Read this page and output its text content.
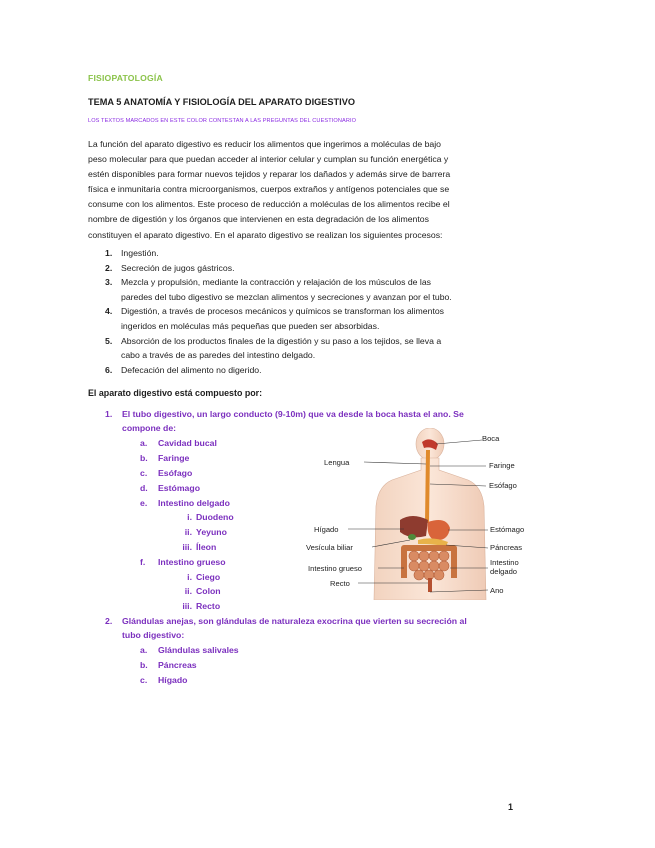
FISIOPATOLOGÍA
TEMA 5 ANATOMÍA Y FISIOLOGÍA DEL APARATO DIGESTIVO
LOS TEXTOS MARCADOS EN ESTE COLOR CONTESTAN A LAS PREGUNTAS DEL CUESTIONARIO
La función del aparato digestivo es reducir los alimentos que ingerimos a moléculas de bajo
peso molecular para que puedan acceder al interior celular y cumplan su función energética y
estén disponibles para formar nuevos tejidos y reparar los dañados y además sirve de barrera
física e inmunitaria contra microorganismos, cuerpos extraños y antígenos potenciales que se
consume con los alimentos. Este proceso de reducción a moléculas de los alimentos recibe el
nombre de digestión y los órganos que intervienen en esta degradación de los alimentos
constituyen el aparato digestivo. En el aparato digestivo se realizan los siguientes procesos:
1.	Ingestión.
2.	Secreción de jugos gástricos.
3.	Mezcla y propulsión, mediante la contracción y relajación de los músculos de las
paredes del tubo digestivo se mezclan alimentos y secreciones y avanzan por el tubo.
4.	Digestión, a través de procesos mecánicos y químicos se transforman los alimentos
ingeridos en moléculas más pequeñas que pueden ser absorbidas.
5.	Absorción de los productos finales de la digestión y su paso a los tejidos, se lleva a
cabo a través de as paredes del intestino delgado.
6.	Defecación del alimento no digerido.
El aparato digestivo está compuesto por:
1. El tubo digestivo, un largo conducto (9-10m) que va desde la boca hasta el ano. Se
compone de:
a. Cavidad bucal
b. Faringe
c. Esófago
d. Estómago
e. Intestino delgado
i. Duodeno
ii. Yeyuno
iii. Íleon
f. Intestino grueso
i. Ciego
ii. Colon
iii. Recto
2. Glándulas anejas, son glándulas de naturaleza exocrina que vierten su secreción al
tubo digestivo:
a. Glándulas salivales
b. Páncreas
c. Hígado
Boca
Lengua	Faringe
Esófago
Hígado	Estómago
Vesícula biliar	Páncreas
Intestino grueso
Intestino
delgado
Recto
Ano
1
